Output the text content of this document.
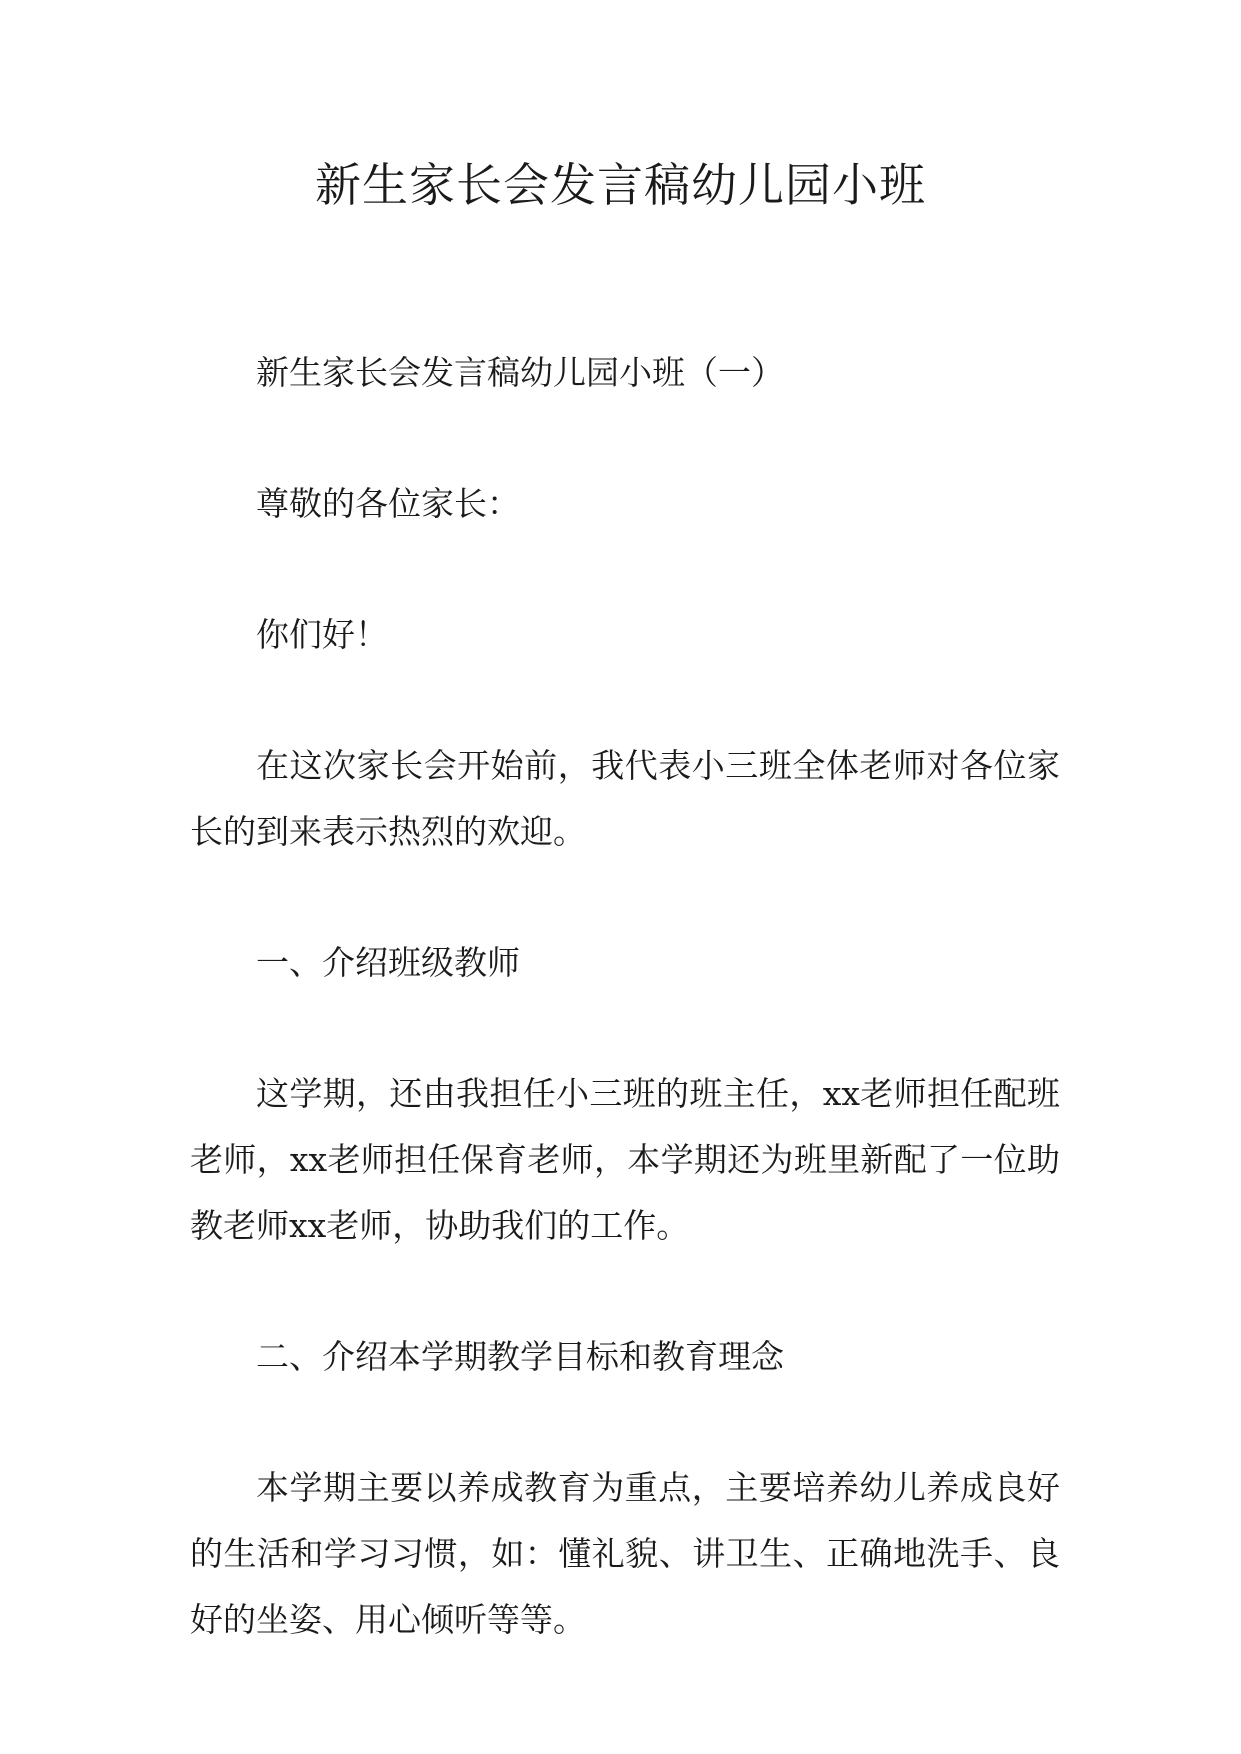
新生家长会发言稿幼儿园小班

新生家长会发言稿幼儿园小班（一）

尊敬的各位家长：

你们好！

在这次家长会开始前，我代表小三班全体老师对各位家长的到来表示热烈的欢迎。

一、介绍班级教师

这学期，还由我担任小三班的班主任，xx老师担任配班老师，xx老师担任保育老师，本学期还为班里新配了一位助教老师xx老师，协助我们的工作。

二、介绍本学期教学目标和教育理念

本学期主要以养成教育为重点，主要培养幼儿养成良好的生活和学习习惯，如：懂礼貌、讲卫生、正确地洗手、良好的坐姿、用心倾听等等。
